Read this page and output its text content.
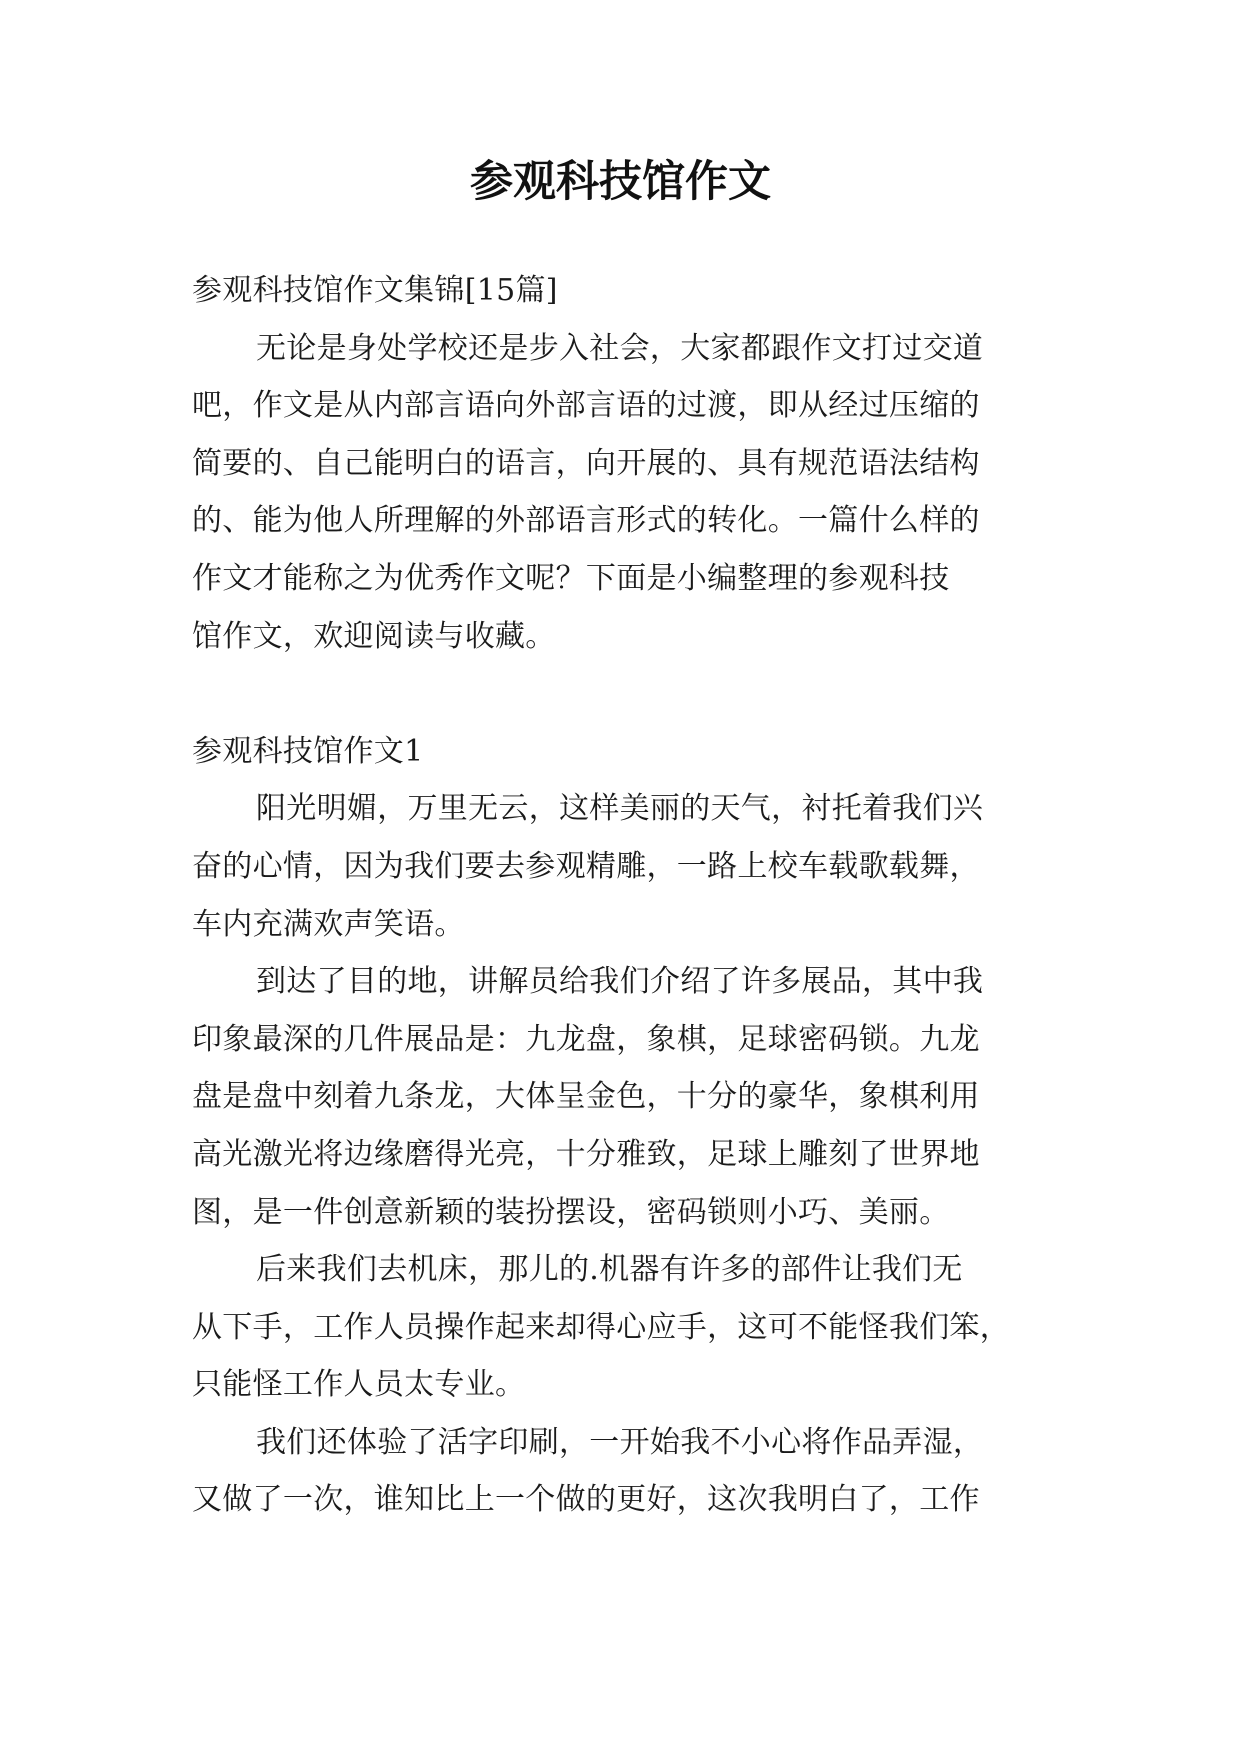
参观科技馆作文

参观科技馆作文集锦[15篇]

无论是身处学校还是步入社会，大家都跟作文打过交道

吧，作文是从内部言语向外部言语的过渡，即从经过压缩的

简要的、自己能明白的语言，向开展的、具有规范语法结构

的、能为他人所理解的外部语言形式的转化。一篇什么样的

作文才能称之为优秀作文呢？下面是小编整理的参观科技

馆作文，欢迎阅读与收藏。

参观科技馆作文1

阳光明媚，万里无云，这样美丽的天气，衬托着我们兴

奋的心情，因为我们要去参观精雕，一路上校车载歌载舞，

车内充满欢声笑语。

到达了目的地，讲解员给我们介绍了许多展品，其中我

印象最深的几件展品是：九龙盘，象棋，足球密码锁。九龙

盘是盘中刻着九条龙，大体呈金色，十分的豪华，象棋利用

高光激光将边缘磨得光亮，十分雅致，足球上雕刻了世界地

图，是一件创意新颖的装扮摆设，密码锁则小巧、美丽。

后来我们去机床，那儿的.机器有许多的部件让我们无

从下手，工作人员操作起来却得心应手，这可不能怪我们笨，

只能怪工作人员太专业。

我们还体验了活字印刷，一开始我不小心将作品弄湿，

又做了一次，谁知比上一个做的更好，这次我明白了，工作
